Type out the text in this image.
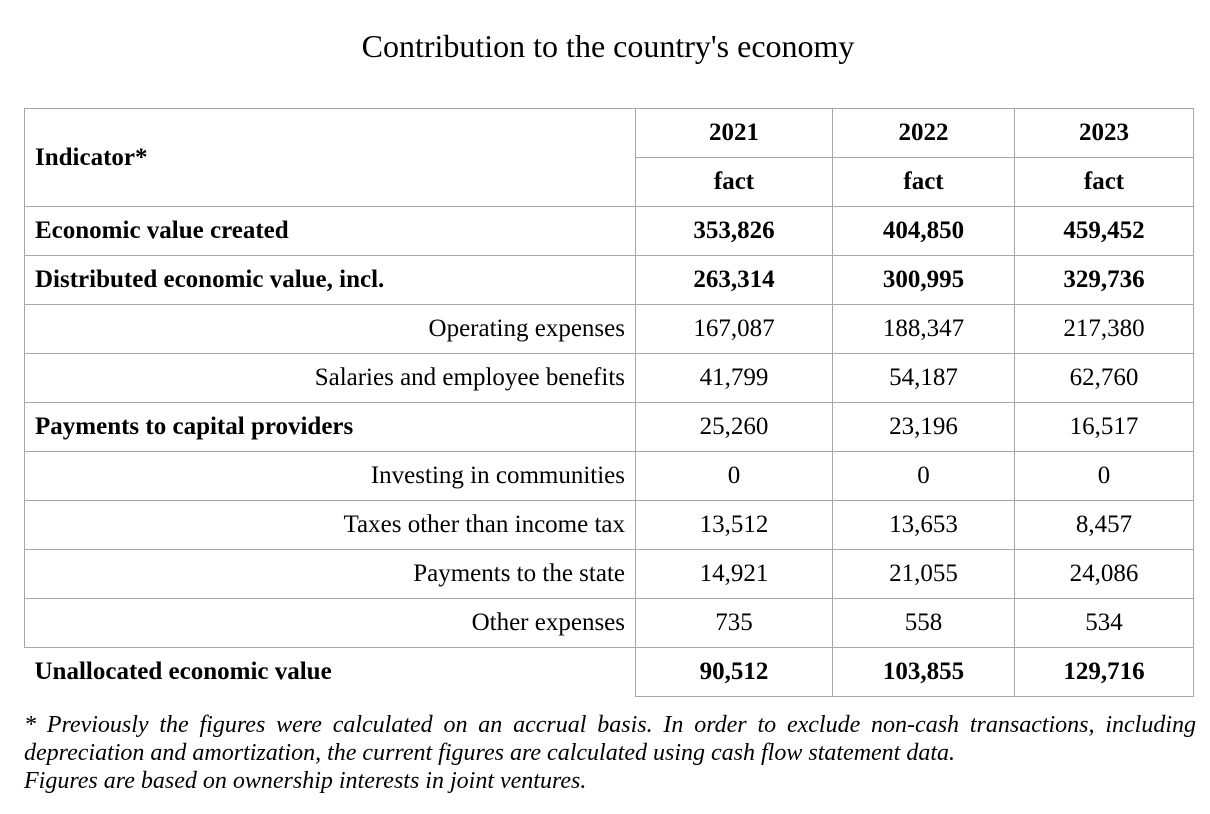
Contribution to the country's economy
Indicator*	2021	2022	2023
	fact	fact	fact
Economic value created	353,826	404,850	459,452
Distributed economic value, incl.	263,314	300,995	329,736
Operating expenses	167,087	188,347	217,380
Salaries and employee benefits	41,799	54,187	62,760
Payments to capital providers	25,260	23,196	16,517
Investing in communities	0	0	0
Taxes other than income tax	13,512	13,653	8,457
Payments to the state	14,921	21,055	24,086
Other expenses	735	558	534
Unallocated economic value	90,512	103,855	129,716

* Previously the figures were calculated on an accrual basis. In order to exclude non-cash transactions, including depreciation and amortization, the current figures are calculated using cash flow statement data.

Figures are based on ownership interests in joint ventures.
